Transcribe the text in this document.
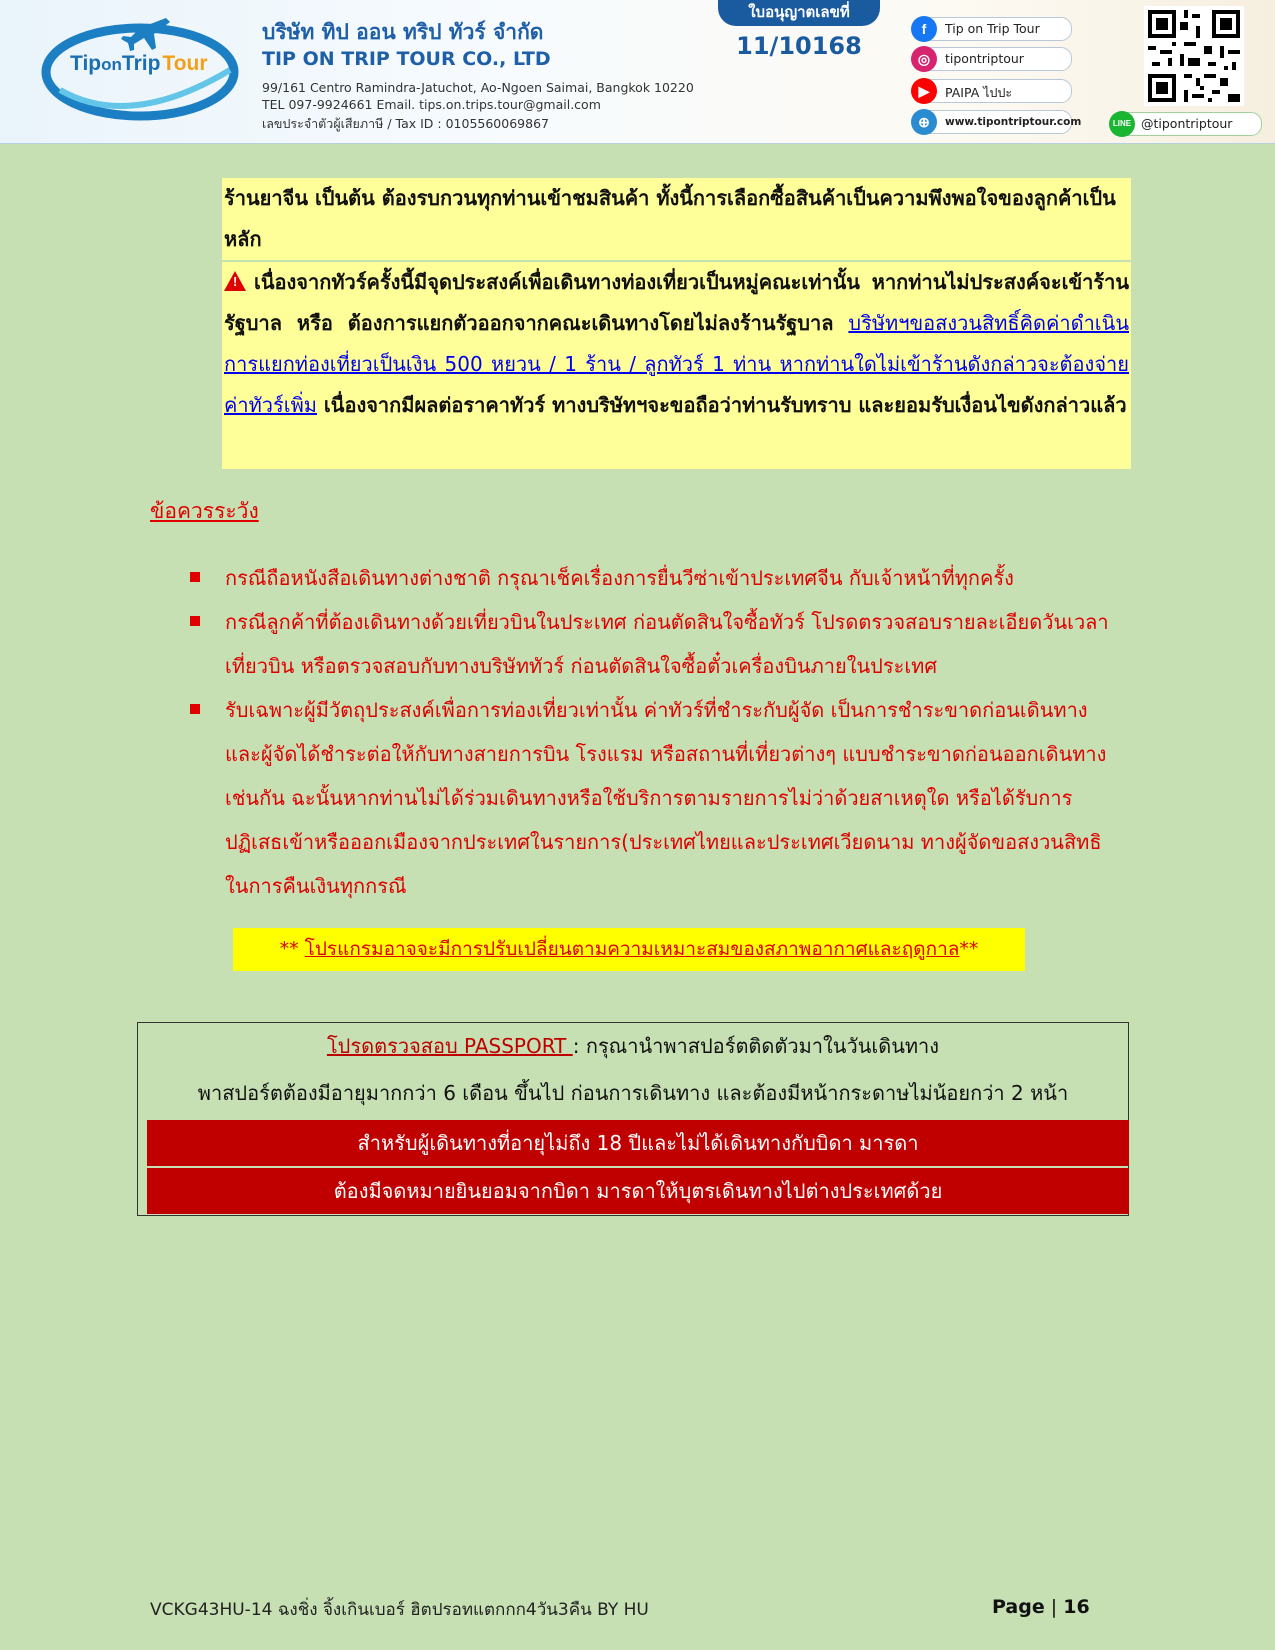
TiponTripTour
บริษัท ทิป ออน ทริป ทัวร์ จำกัด
TIP ON TRIP TOUR CO., LTD
99/161 Centro Ramindra-Jatuchot, Ao-Ngoen Saimai, Bangkok 10220
TEL 097-9924661 Email. tips.on.trips.tour@gmail.com
เลขประจำตัวผู้เสียภาษี / Tax ID : 0105560069867
ใบอนุญาตเลขที่
11/10168
f	Tip on Trip Tour
◎	tipontriptour
▶	PAIPA ไปปะ
⊕	www.tipontriptour.com	LINE @tipontriptour
ร้านยาจีน เป็นต้น ต้องรบกวนทุกท่านเข้าชมสินค้า ทั้งนี้การเลือกซื้อสินค้าเป็นความพึงพอใจของลูกค้าเป็นหลัก
!เนื่องจากทัวร์ครั้งนี้มีจุดประสงค์เพื่อเดินทางท่องเที่ยวเป็นหมู่คณะเท่านั้น หากท่านไม่ประสงค์จะเข้าร้านรัฐบาล หรือ ต้องการแยกตัวออกจากคณะเดินทางโดยไม่ลงร้านรัฐบาล บริษัทฯขอสงวนสิทธิ์คิดค่าดำเนินการแยกท่องเที่ยวเป็นเงิน 500 หยวน / 1 ร้าน / ลูกทัวร์ 1 ท่าน หากท่านใดไม่เข้าร้านดังกล่าวจะต้องจ่ายค่าทัวร์เพิ่ม เนื่องจากมีผลต่อราคาทัวร์ ทางบริษัทฯจะขอถือว่าท่านรับทราบ และยอมรับเงื่อนไขดังกล่าวแล้ว
ข้อควรระวัง
กรณีถือหนังสือเดินทางต่างชาติ กรุณาเช็คเรื่องการยื่นวีซ่าเข้าประเทศจีน กับเจ้าหน้าที่ทุกครั้ง
กรณีลูกค้าที่ต้องเดินทางด้วยเที่ยวบินในประเทศ ก่อนตัดสินใจซื้อทัวร์ โปรดตรวจสอบรายละเอียดวันเวลา เที่ยวบิน หรือตรวจสอบกับทางบริษัททัวร์ ก่อนตัดสินใจซื้อตั๋วเครื่องบินภายในประเทศ
รับเฉพาะผู้มีวัตถุประสงค์เพื่อการท่องเที่ยวเท่านั้น ค่าทัวร์ที่ชำระกับผู้จัด เป็นการชำระขาดก่อนเดินทางและผู้จัดได้ชำระต่อให้กับทางสายการบิน โรงแรม หรือสถานที่เที่ยวต่างๆ แบบชำระขาดก่อนออกเดินทางเช่นกัน ฉะนั้นหากท่านไม่ได้ร่วมเดินทางหรือใช้บริการตามรายการไม่ว่าด้วยสาเหตุใด หรือได้รับการปฏิเสธเข้าหรือออกเมืองจากประเทศในรายการ(ประเทศไทยและประเทศเวียดนาม ทางผู้จัดขอสงวนสิทธิในการคืนเงินทุกกรณี
** โปรแกรมอาจจะมีการปรับเปลี่ยนตามความเหมาะสมของสภาพอากาศและฤดูกาล**
โปรดตรวจสอบ PASSPORT : กรุณานำพาสปอร์ตติดตัวมาในวันเดินทาง
พาสปอร์ตต้องมีอายุมากกว่า 6 เดือน ขึ้นไป ก่อนการเดินทาง และต้องมีหน้ากระดาษไม่น้อยกว่า 2 หน้า
สำหรับผู้เดินทางที่อายุไม่ถึง 18 ปีและไม่ได้เดินทางกับบิดา มารดา
ต้องมีจดหมายยินยอมจากบิดา มารดาให้บุตรเดินทางไปต่างประเทศด้วย
VCKG43HU-14 ฉงชิ่ง จิ้งเกินเบอร์ ฮิตปรอทแตกกก4วัน3คืน BY HU	Page | 16
